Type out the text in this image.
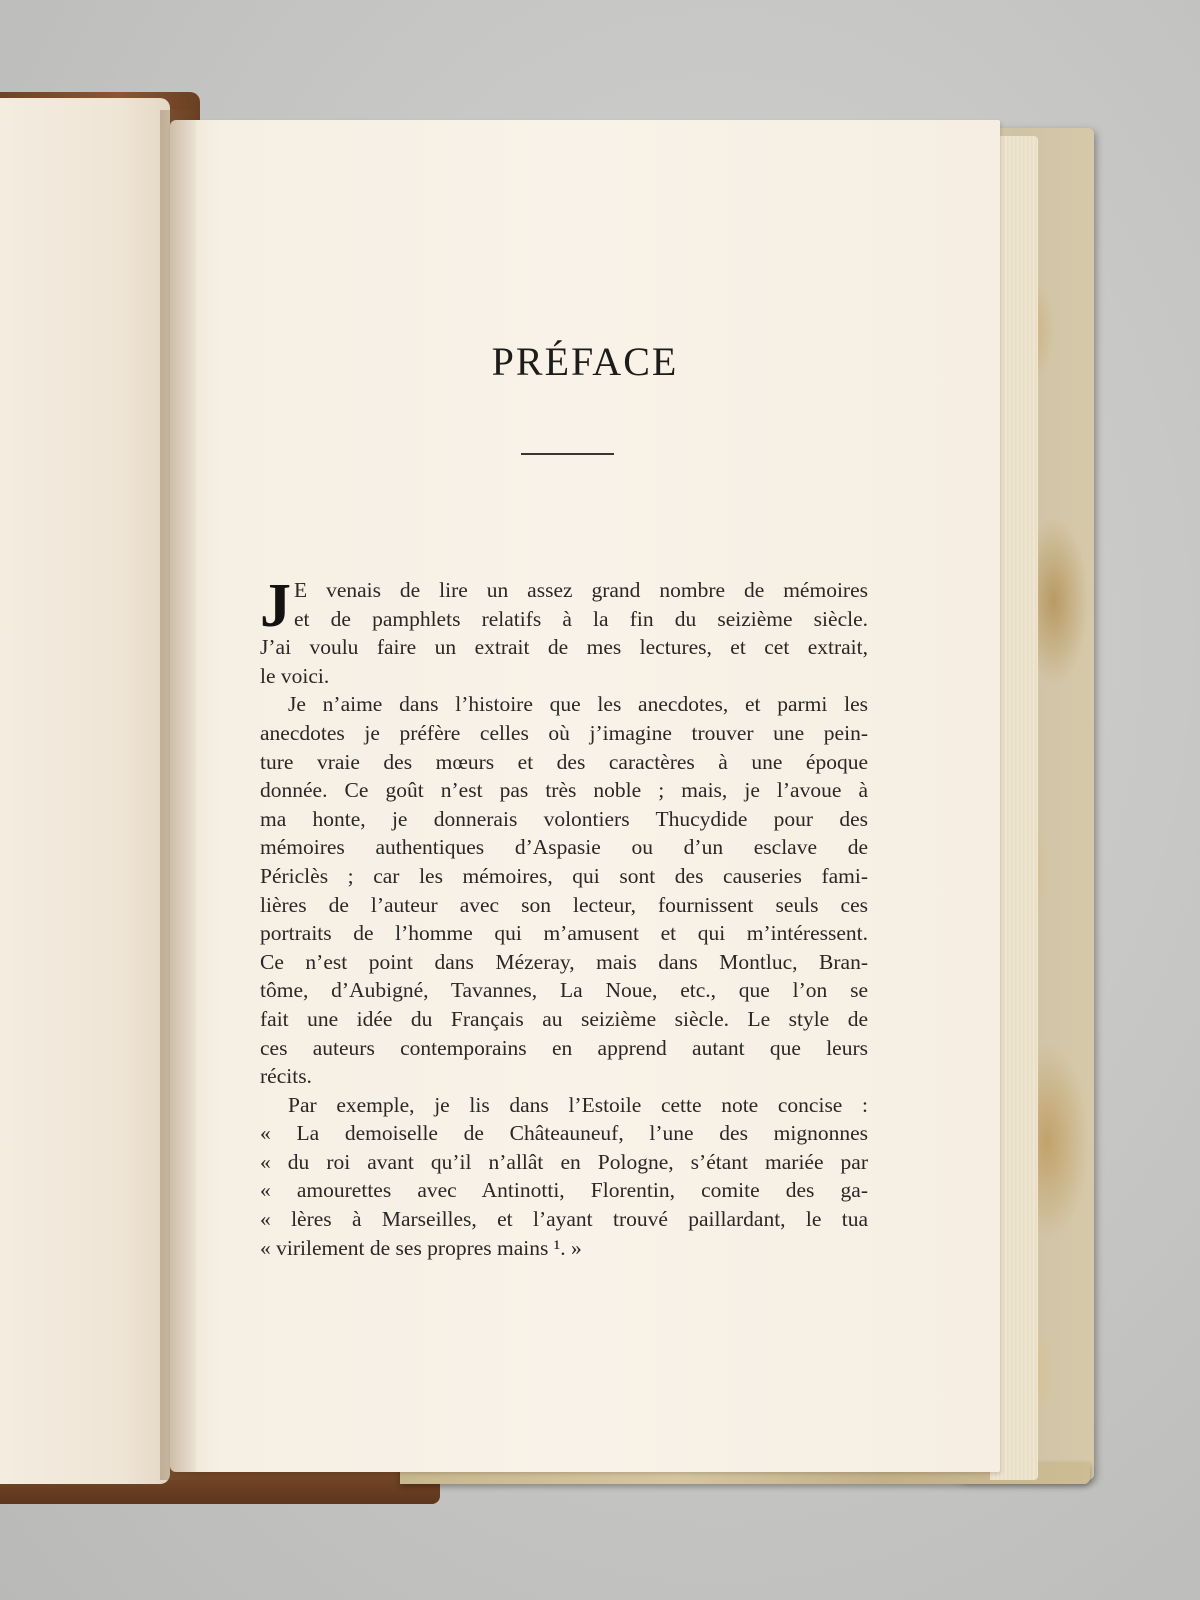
PRÉFACE
J E venais de lire un assez grand nombre de mémoires
et de pamphlets relatifs à la fin du seizième siècle.
J’ai voulu faire un extrait de mes lectures, et cet extrait,
le voici.
Je n’aime dans l’histoire que les anecdotes, et parmi les
anecdotes je préfère celles où j’imagine trouver une pein-
ture vraie des mœurs et des caractères à une époque
donnée. Ce goût n’est pas très noble ; mais, je l’avoue à
ma honte, je donnerais volontiers Thucydide pour des
mémoires authentiques d’Aspasie ou d’un esclave de
Périclès ; car les mémoires, qui sont des causeries fami-
lières de l’auteur avec son lecteur, fournissent seuls ces
portraits de l’homme qui m’amusent et qui m’intéressent.
Ce n’est point dans Mézeray, mais dans Montluc, Bran-
tôme, d’Aubigné, Tavannes, La Noue, etc., que l’on se
fait une idée du Français au seizième siècle. Le style de
ces auteurs contemporains en apprend autant que leurs
récits.
Par exemple, je lis dans l’Estoile cette note concise :
« La demoiselle de Châteauneuf, l’une des mignonnes
« du roi avant qu’il n’allât en Pologne, s’étant mariée par
« amourettes avec Antinotti, Florentin, comite des ga-
« lères à Marseilles, et l’ayant trouvé paillardant, le tua
« virilement de ses propres mains ¹. »
